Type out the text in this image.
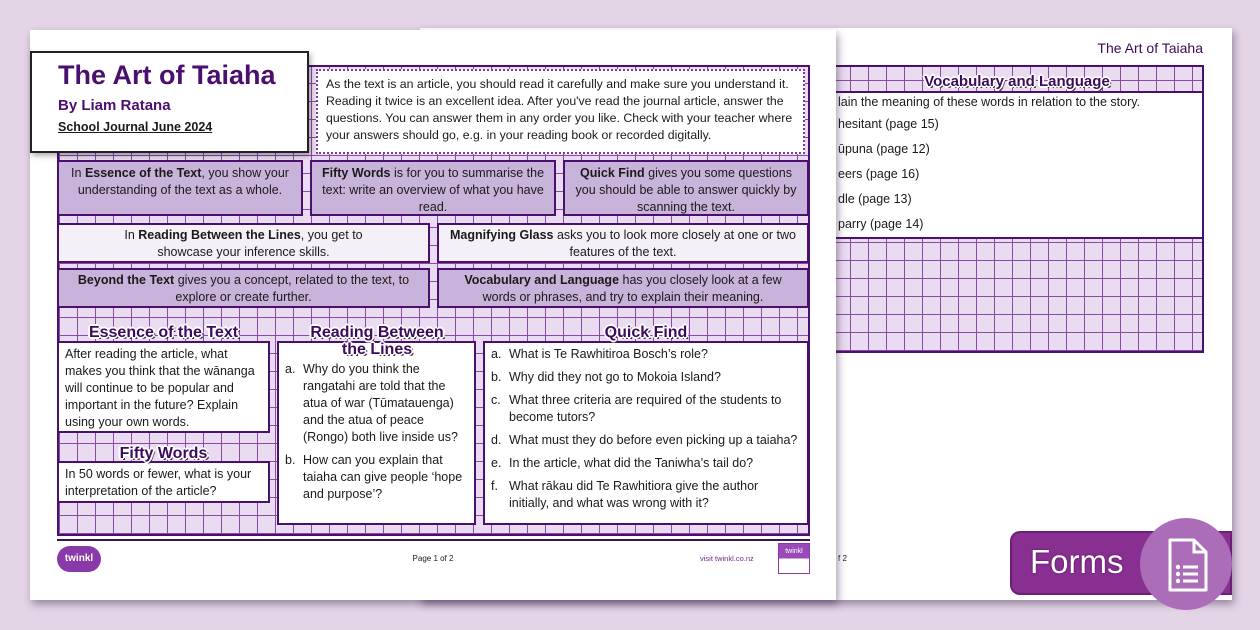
The Art of Taiaha
Vocabulary and Language
lain the meaning of these words in relation to the story.
hesitant (page 15)
ūpuna (page 12)
eers (page 16)
dle (page 13)
parry (page 14)
f 2
The Art of Taiaha
By Liam Ratana
School Journal June 2024
As the text is an article, you should read it carefully and make sure you understand it. Reading it twice is an excellent idea. After you've read the journal article, answer the questions. You can answer them in any order you like. Check with your teacher where your answers should go, e.g. in your reading book or recorded digitally.
In Essence of the Text, you show your understanding of the text as a whole.
Fifty Words is for you to summarise the text: write an overview of what you have read.
Quick Find gives you some questions you should be able to answer quickly by scanning the text.
In Reading Between the Lines, you get to showcase your inference skills.
Magnifying Glass asks you to look more closely at one or two features of the text.
Beyond the Text gives you a concept, related to the text, to explore or create further.
Vocabulary and Language has you closely look at a few words or phrases, and try to explain their meaning.
Essence of the Text
After reading the article, what makes you think that the wānanga will continue to be popular and important in the future? Explain using your own words.
Fifty Words
In 50 words or fewer, what is your interpretation of the article?
Reading Between the Lines
a. Why do you think the rangatahi are told that the atua of war (Tūmatauenga) and the atua of peace (Rongo) both live inside us?
b. How can you explain that taiaha can give people ‘hope and purpose’?
Quick Find
a. What is Te Rawhitiroa Bosch’s role?
b. Why did they not go to Mokoia Island?
c. What three criteria are required of the students to become tutors?
d. What must they do before even picking up a taiaha?
e. In the article, what did the Taniwha’s tail do?
f. What rākau did Te Rawhitiora give the author initially, and what was wrong with it?
twinkl	Page 1 of 2	visit twinkl.co.nz
twinkl	Forms
